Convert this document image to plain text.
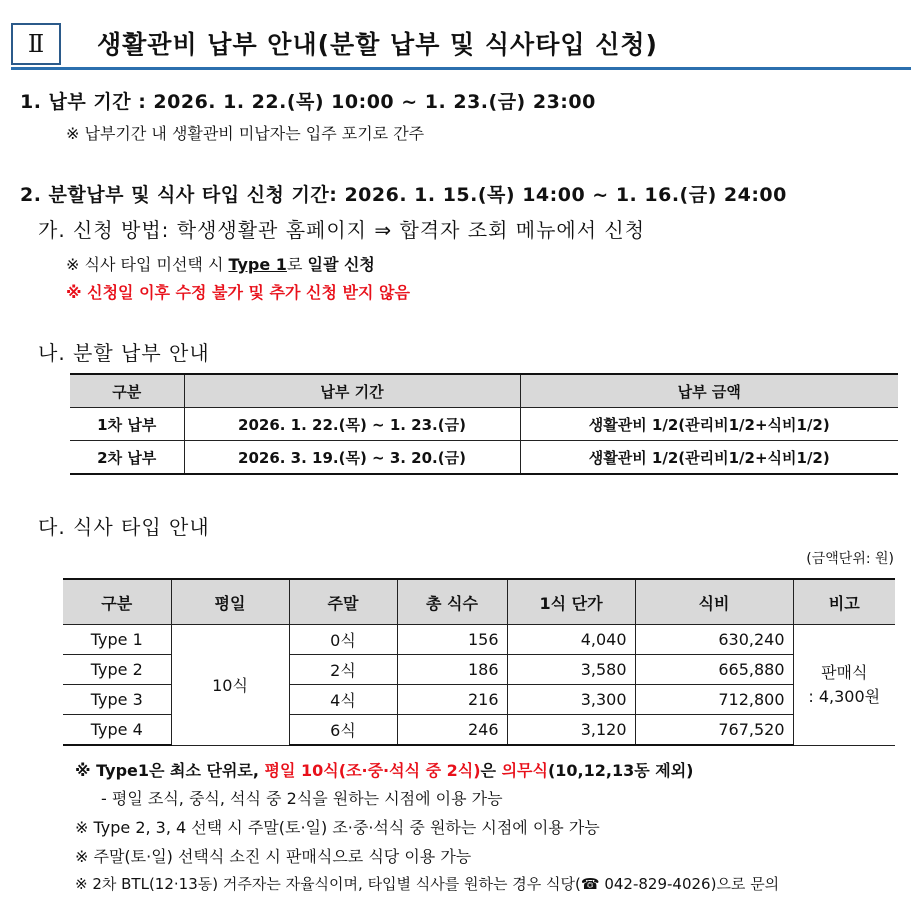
Ⅱ	생활관비 납부 안내(분할 납부 및 식사타입 신청)
1. 납부 기간 : 2026. 1. 22.(목) 10:00 ~ 1. 23.(금) 23:00
※ 납부기간 내 생활관비 미납자는 입주 포기로 간주
2. 분할납부 및 식사 타입 신청 기간: 2026. 1. 15.(목) 14:00 ~ 1. 16.(금) 24:00
가. 신청 방법: 학생생활관 홈페이지 ⇒ 합격자 조회 메뉴에서 신청
※ 식사 타입 미선택 시 Type 1로 일괄 신청
※ 신청일 이후 수정 불가 및 추가 신청 받지 않음
나. 분할 납부 안내
구분	납부 기간	납부 금액
1차 납부	2026. 1. 22.(목) ~ 1. 23.(금)	생활관비 1/2(관리비1/2+식비1/2)
2차 납부	2026. 3. 19.(목) ~ 3. 20.(금)	생활관비 1/2(관리비1/2+식비1/2)
다. 식사 타입 안내
(금액단위: 원)
구분	평일	주말	총 식수	1식 단가	식비	비고
Type 1	10식	0식	156	4,040	630,240	판매식
: 4,300원

Type 2		2식	186	3,580	665,880	
Type 3		4식	216	3,300	712,800	
Type 4		6식	246	3,120	767,520	
※ Type1은 최소 단위로, 평일 10식(조·중·석식 중 2식)은 의무식(10,12,13동 제외)
- 평일 조식, 중식, 석식 중 2식을 원하는 시점에 이용 가능
※ Type 2, 3, 4 선택 시 주말(토·일) 조·중·석식 중 원하는 시점에 이용 가능
※ 주말(토·일) 선택식 소진 시 판매식으로 식당 이용 가능
※ 2차 BTL(12·13동) 거주자는 자율식이며, 타입별 식사를 원하는 경우 식당(☎ 042-829-4026)으로 문의
